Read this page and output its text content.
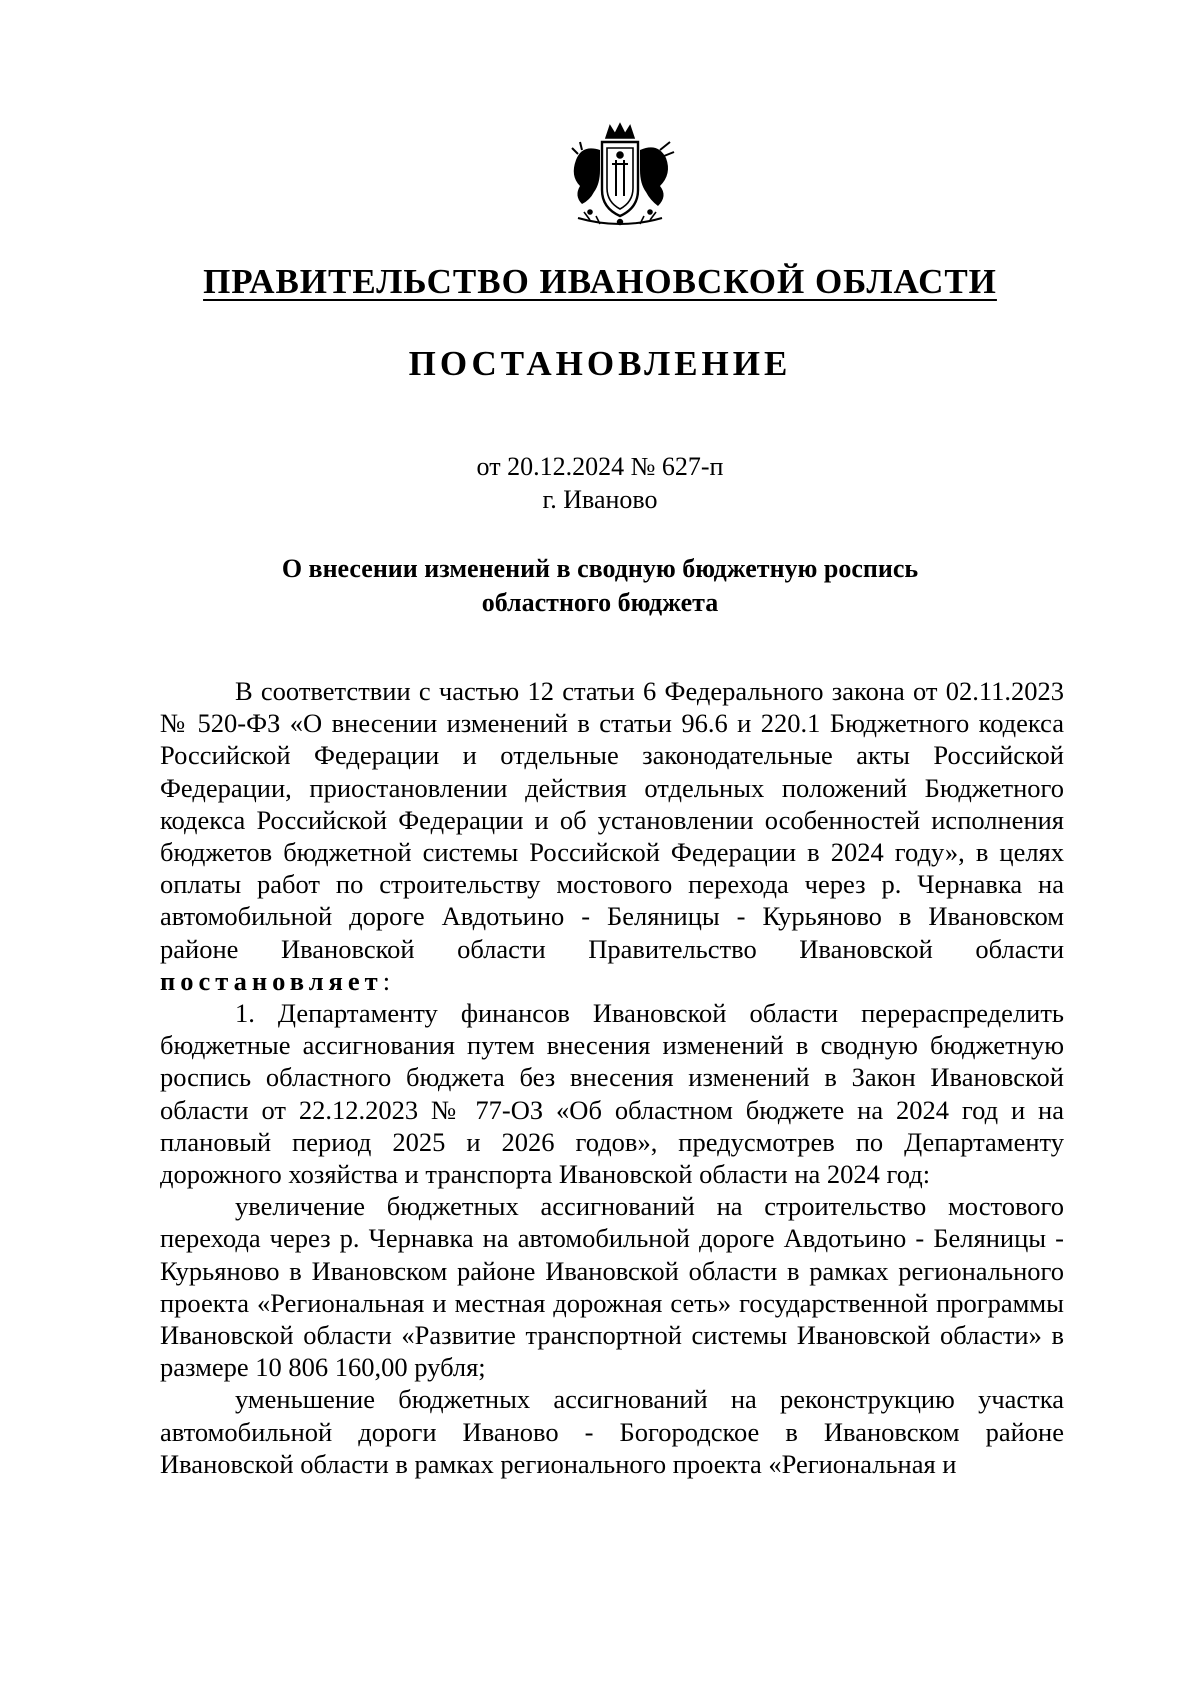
ПРАВИТЕЛЬСТВО ИВАНОВСКОЙ ОБЛАСТИ
ПОСТАНОВЛЕНИЕ
от 20.12.2024 № 627-п
г. Иваново
О внесении изменений в сводную бюджетную роспись
областного бюджета

В соответствии с частью 12 статьи 6 Федерального закона от 02.11.2023 № 520-ФЗ «О внесении изменений в статьи 96.6 и 220.1 Бюджетного кодекса Российской Федерации и отдельные законодательные акты Российской Федерации, приостановлении действия отдельных положений Бюджетного кодекса Российской Федерации и об установлении особенностей исполнения бюджетов бюджетной системы Российской Федерации в 2024 году», в целях оплаты работ по строительству мостового перехода через р. Чернавка на автомобильной дороге Авдотьино - Беляницы - Курьяново в Ивановском районе Ивановской области Правительство Ивановской области постановляет:

1. Департаменту финансов Ивановской области перераспределить бюджетные ассигнования путем внесения изменений в сводную бюджетную роспись областного бюджета без внесения изменений в Закон Ивановской области от 22.12.2023 № 77-ОЗ «Об областном бюджете на 2024 год и на плановый период 2025 и 2026 годов», предусмотрев по Департаменту дорожного хозяйства и транспорта Ивановской области на 2024 год:

увеличение бюджетных ассигнований на строительство мостового перехода через р. Чернавка на автомобильной дороге Авдотьино - Беляницы - Курьяново в Ивановском районе Ивановской области в рамках регионального проекта «Региональная и местная дорожная сеть» государственной программы Ивановской области «Развитие транспортной системы Ивановской области» в размере 10 806 160,00 рубля;

уменьшение бюджетных ассигнований на реконструкцию участка автомобильной дороги Иваново - Богородское в Ивановском районе Ивановской области в рамках регионального проекта «Региональная и
